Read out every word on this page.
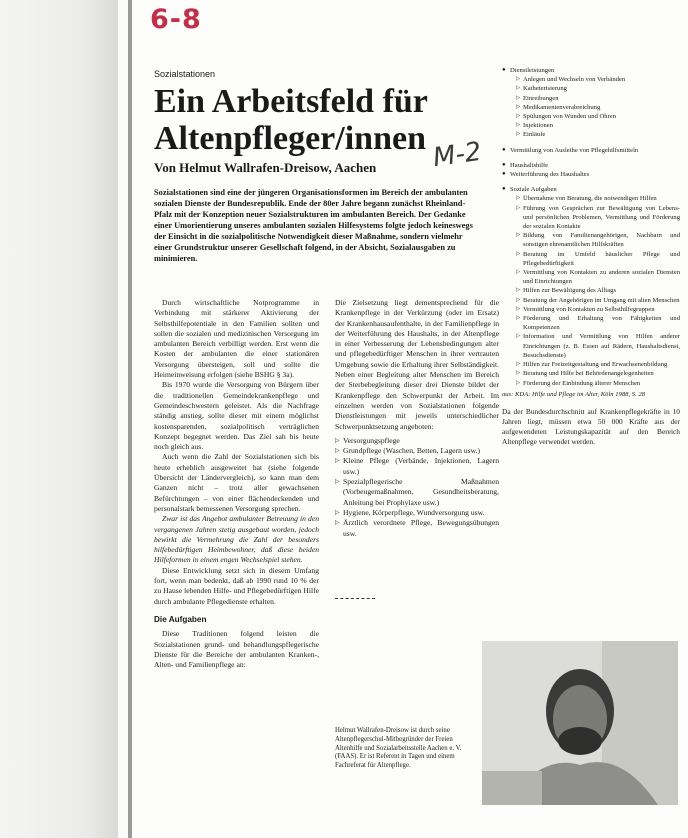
6-8
M-2
Sozialstationen
Ein Arbeitsfeld für
Altenpfleger/innen
Von Helmut Wallrafen-Dreisow, Aachen
Sozialstationen sind eine der jüngeren Organisationsformen im Bereich der ambulanten sozialen Dienste der Bundesrepublik. Ende der 80er Jahre begann zunächst Rheinland-Pfalz mit der Konzeption neuer Sozialstrukturen im ambulanten Bereich. Der Gedanke einer Umorientierung unseres ambulanten sozialen Hilfesystems folgte jedoch keineswegs der Einsicht in die sozialpolitische Notwendigkeit dieser Maßnahme, sondern vielmehr einer Grundstruktur unserer Gesellschaft folgend, in der Absicht, Sozialausgaben zu minimieren.

Durch wirtschaftliche Notprogramme in Verbindung mit stärkerer Aktivierung der Selbsthilfepotentiale in den Familien sollten und sollen die sozialen und medizinischen Versorgung im ambulanten Bereich verbilligt werden. Erst wenn die Kosten der ambulanten die einer stationären Versorgung übersteigen, soll und sollte die Heimeinweisung erfolgen (siehe BSHG § 3a).

Bis 1970 wurde die Versorgung von Bürgern über die traditionellen Gemeindekrankenpflege und Gemeindeschwestern geleistet. Als die Nachfrage ständig anstieg, sollte dieser mit einem möglichst kostensparenden, sozialpolitisch verträglichen Konzept begegnet werden. Das Ziel sah bis heute noch gleich aus.

Auch wenn die Zahl der Sozialstationen sich bis heute erheblich ausgeweitet hat (siehe folgende Übersicht der Ländervergleich), so kann man dem Ganzen nicht – trotz aller gewachsenen Befürchtungen – von einer flächendeckenden und personalstark bemessenen Versorgung sprechen.

Zwar ist das Angebot ambulanter Betreuung in den vergangenen Jahren stetig ausgebaut worden, jedoch bewirkt die Vermehrung die Zahl der besonders hilfebedürftigen Heimbewohner, daß diese beiden Hilfeformen in einem engen Wechselspiel stehen.

Diese Entwicklung setzt sich in diesem Umfang fort, wenn man bedenkt, daß ab 1990 rund 10 % der zu Hause lebenden Hilfe- und Pflegebedürftigen Hilfe durch ambulante Pflegedienste erhalten.

Die Aufgaben

Diese Traditionen folgend leisten die Sozialstationen grund- und behandlungspflegerische Dienste für die Bereiche der ambulanten Kranken-, Alten- und Familienpflege an:

Die Zielsetzung liegt dementsprechend für die Krankenpflege in der Verkürzung (oder im Ersatz) der Krankenhausaufenthalte, in der Familienpflege in der Weiterführung des Haushalts, in der Altenpflege in einer Verbesserung der Lebensbedingungen alter und pflegebedürftiger Menschen in ihrer vertrauten Umgebung sowie die Erhaltung ihrer Selbständigkeit. Neben einer Begleitung alter Menschen im Bereich der Sterbebegleitung dieser drei Dienste bildet der Krankenpflege den Schwerpunkt der Arbeit. Im einzelnen werden von Sozialstationen folgende Dienstleistungen mit jeweils unterschiedlicher Schwerpunktsetzung angeboten:

▷ Versorgungspflege
▷ Grundpflege (Waschen, Betten, Lagern usw.)
▷ Kleine Pflege (Verbände, Injektionen, Lagern usw.)
▷ Spezialpflegerische Maßnahmen (Vorbeugemaßnahmen, Gesundheitsberatung, Anleitung bei Prophylaxe usw.)
▷ Hygiene, Körperpflege, Wundversorgung usw.
▷ Ärztlich verordnete Pflege, Bewegungsübungen usw.
● Dienstleistungen
▷ Anlegen und Wechseln von Verbänden
▷ Katheterisierung
▷ Einreibungen
▷ Medikamentenverabreichung
▷ Spülungen von Wunden und Ohren
▷ Injektionen
▷ Einläufe
● Vermittlung von Ausleihe von Pflegehilfsmitteln
● Haushaltshilfe
● Weiterführung des Haushaltes
● Soziale Aufgaben
▷ Übernahme von Beratung, die notwendigen Hilfen
▷ Führung von Gesprächen zur Bewältigung von Lebens- und persönlichen Problemen, Vermittlung und Förderung der sozialen Kontakte
▷ Bildung von Familienangehörigen, Nachbarn und sonstigen ehrenamtlichen Hilfskräften
▷ Beratung im Umfeld häuslicher Pflege und Pflegebedürftigkeit
▷ Vermittlung von Kontakten zu anderen sozialen Diensten und Einrichtungen
▷ Hilfen zur Bewältigung des Alltags
▷ Beratung der Angehörigen im Umgang mit alten Menschen
▷ Vermittlung von Kontakten zu Selbsthilfegruppen
▷ Förderung und Erhaltung von Fähigkeiten und Kompetenzen
▷ Information und Vermittlung von Hilfen anderer Einrichtungen (z. B. Essen auf Rädern, Haushaltsdienst, Besuchsdienste)
▷ Hilfen zur Freizeitgestaltung und Erwachsenenbildung
▷ Beratung und Hilfe bei Behördenangelegenheiten
▷ Förderung der Einbindung älterer Menschen
aus: KDA: Hilfe und Pflege im Alter, Köln 1988, S. 28

Da der Bundesdurchschnitt auf Krankenpflegekräfte in 10 Jahren liegt, müssen etwa 50 000 Kräfte aus der aufgewendeten Leistungskapazität auf den Bereich Altenpflege verwendet werden.

Helmut Wallrafen-Dreisow ist durch seine Altenpflegerschul-Mitbegründer der Freien Altenhilfe und Sozialarbeitsstelle Aachen e. V. (FAAS). Er ist Referent in Tagen und einem Fachreferat für Altenpflege.
